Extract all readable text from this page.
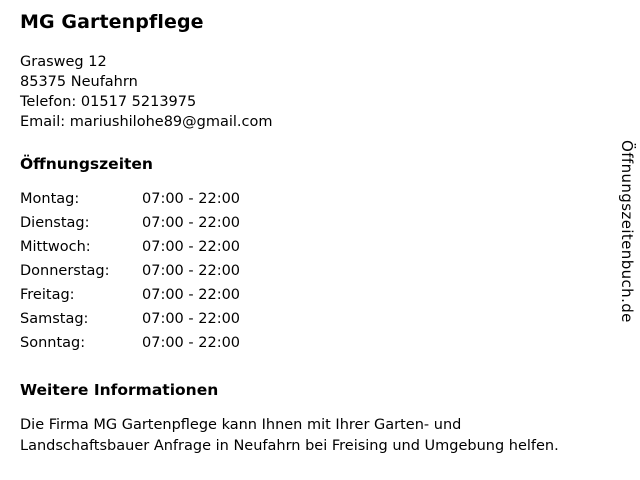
MG Gartenpflege
Grasweg 12
85375 Neufahrn
Telefon: 01517 5213975
Email: mariushilohe89@gmail.com
Öffnungszeiten
Montag:	07:00 - 22:00
Dienstag:	07:00 - 22:00
Mittwoch:	07:00 - 22:00
Donnerstag:	07:00 - 22:00
Freitag:	07:00 - 22:00
Samstag:	07:00 - 22:00
Sonntag:	07:00 - 22:00
Weitere Informationen

Die Firma MG Gartenpflege kann Ihnen mit Ihrer Garten- und Landschaftsbauer Anfrage in Neufahrn bei Freising und Umgebung helfen.

Öffnungszeitenbuch.de
